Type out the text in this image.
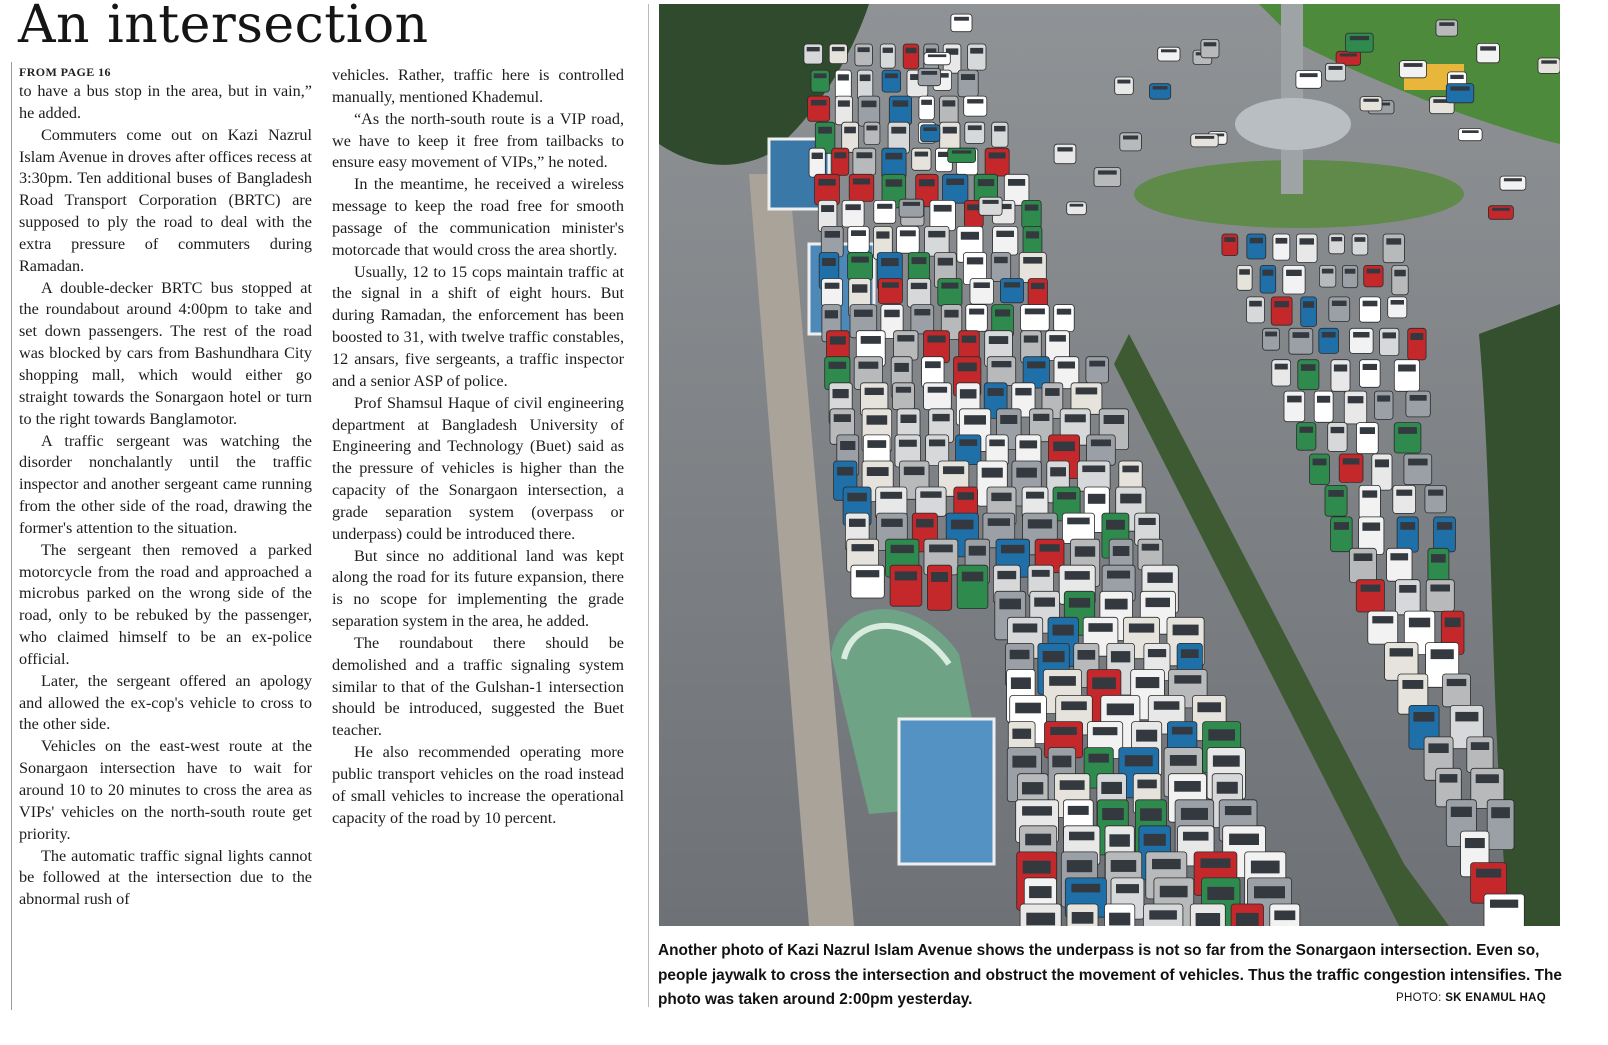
An intersection
FROM PAGE 16

to have a bus stop in the area, but in vain,” he added.

Commuters come out on Kazi Nazrul Islam Avenue in droves after offices recess at 3:30pm. Ten additional buses of Bangladesh Road Transport Corporation (BRTC) are supposed to ply the road to deal with the extra pressure of commuters during Ramadan.

A double-decker BRTC bus stopped at the roundabout around 4:00pm to take and set down passengers. The rest of the road was blocked by cars from Bashundhara City shopping mall, which would either go straight towards the Sonargaon hotel or turn to the right towards Banglamotor.

A traffic sergeant was watching the disorder nonchalantly until the traffic inspector and another sergeant came running from the other side of the road, drawing the former's attention to the situation.

The sergeant then removed a parked motorcycle from the road and approached a microbus parked on the wrong side of the road, only to be rebuked by the passenger, who claimed himself to be an ex-police official.

Later, the sergeant offered an apology and allowed the ex-cop's vehicle to cross to the other side.

Vehicles on the east-west route at the Sonargaon intersection have to wait for around 10 to 20 minutes to cross the area as VIPs' vehicles on the north-south route get priority.

The automatic traffic signal lights cannot be followed at the intersection due to the abnormal rush of

vehicles. Rather, traffic here is controlled manually, mentioned Khademul.

“As the north-south route is a VIP road, we have to keep it free from tailbacks to ensure easy movement of VIPs,” he noted.

In the meantime, he received a wireless message to keep the road free for smooth passage of the communication minister's motorcade that would cross the area shortly.

Usually, 12 to 15 cops maintain traffic at the signal in a shift of eight hours. But during Ramadan, the enforcement has been boosted to 31, with twelve traffic constables, 12 ansars, five sergeants, a traffic inspector and a senior ASP of police.

Prof Shamsul Haque of civil engineering department at Bangladesh University of Engineering and Technology (Buet) said as the pressure of vehicles is higher than the capacity of the Sonargaon intersection, a grade separation system (overpass or underpass) could be introduced there.

But since no additional land was kept along the road for its future expansion, there is no scope for implementing the grade separation system in the area, he added.

The roundabout there should be demolished and a traffic signaling system similar to that of the Gulshan-1 intersection should be introduced, suggested the Buet teacher.

He also recommended operating more public transport vehicles on the road instead of small vehicles to increase the operational capacity of the road by 10 percent.

Another photo of Kazi Nazrul Islam Avenue shows the underpass is not so far from the Sonargaon intersection. Even so, people jaywalk to cross the intersection and obstruct the movement of vehicles. Thus the traffic congestion intensifies. The photo was taken around 2:00pm yesterday.	PHOTO: SK ENAMUL HAQ
